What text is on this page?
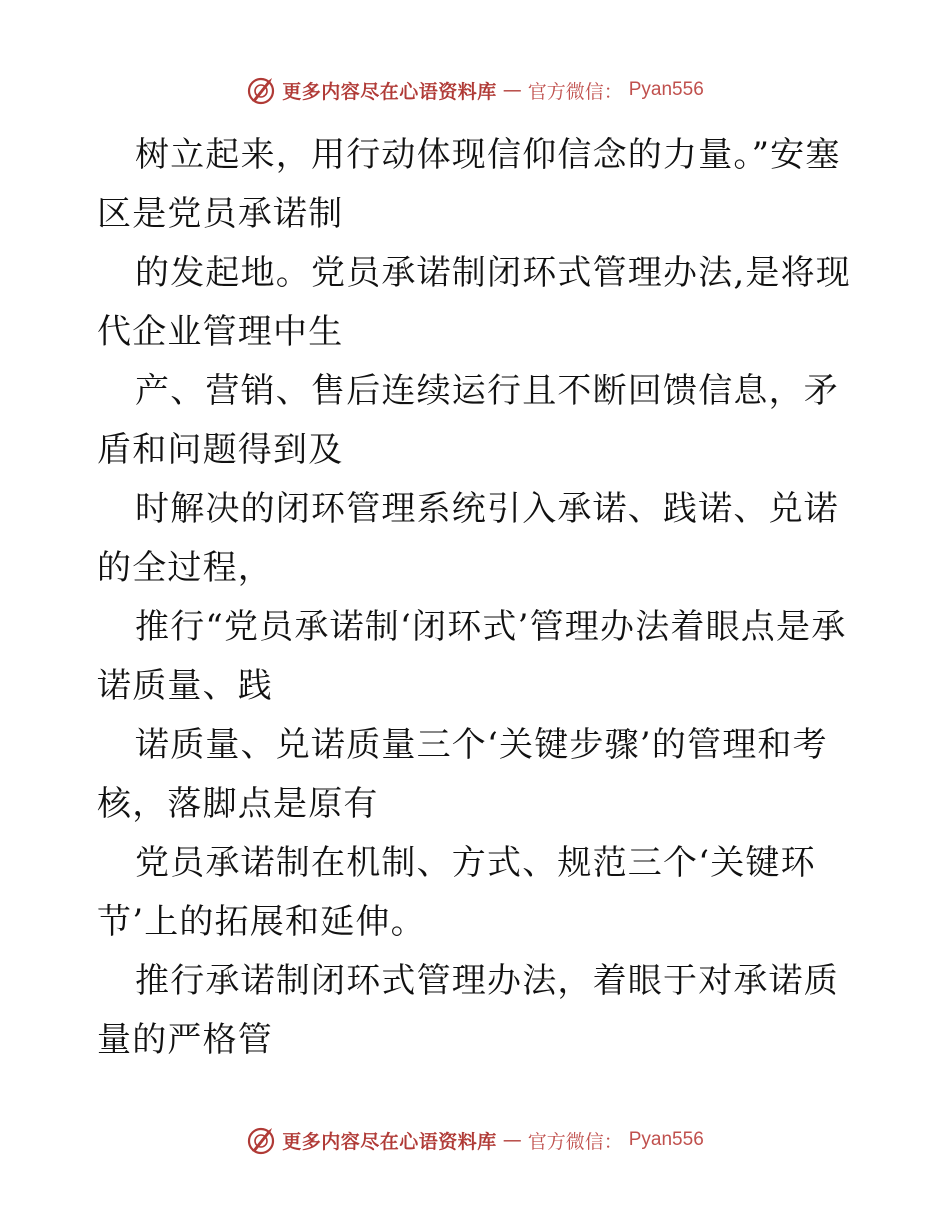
更多内容尽在心语资料库 — 官方微信： Pyan556

树立起来，用行动体现信仰信念的力量。”安塞区是党员承诺制

的发起地。党员承诺制闭环式管理办法,是将现代企业管理中生

产、营销、售后连续运行且不断回馈信息，矛盾和问题得到及

时解决的闭环管理系统引入承诺、践诺、兑诺的全过程，

推行“党员承诺制‘闭环式’管理办法着眼点是承诺质量、践

诺质量、兑诺质量三个‘关键步骤’的管理和考核，落脚点是原有

党员承诺制在机制、方式、规范三个‘关键环节’上的拓展和延伸。

推行承诺制闭环式管理办法，着眼于对承诺质量的严格管

更多内容尽在心语资料库 — 官方微信： Pyan556
